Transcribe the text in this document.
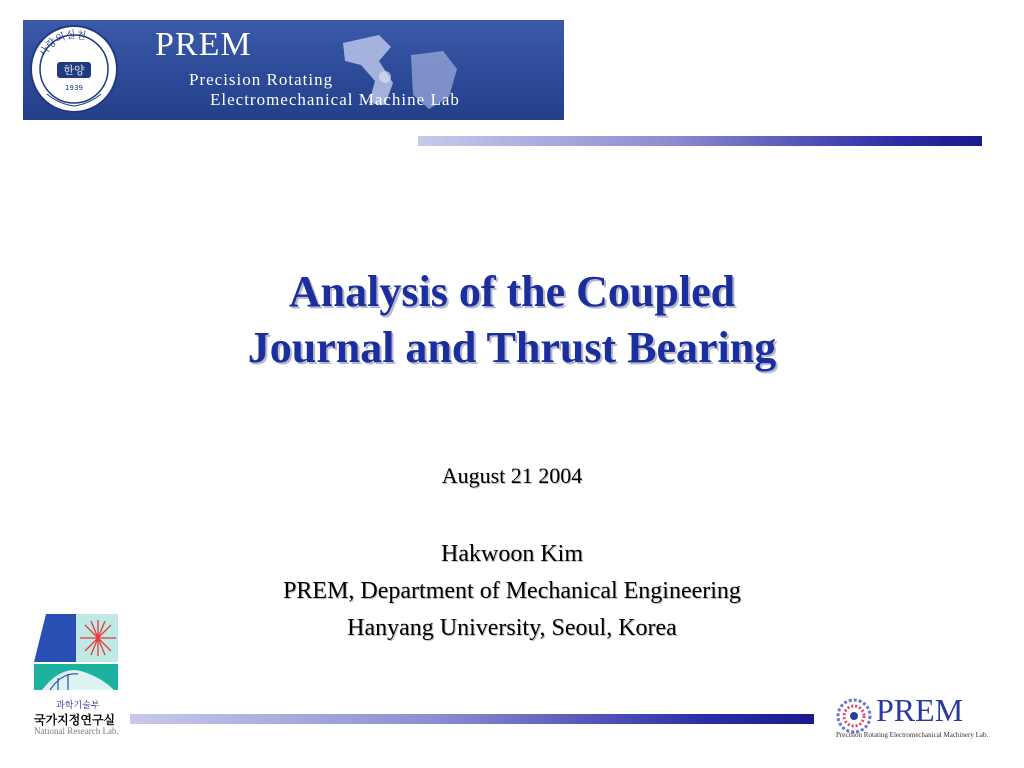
사랑의실천
한양
1939
PREM
Precision Rotating
Electromechanical Machine Lab
Analysis of the Coupled
Journal and Thrust Bearing
August 21 2004
Hakwoon Kim
PREM, Department of Mechanical Engineering
Hanyang University, Seoul, Korea
과학기술부
국가지정연구실
National Research Lab.
PREM
Precision Rotating Electromechanical Machinery Lab.
